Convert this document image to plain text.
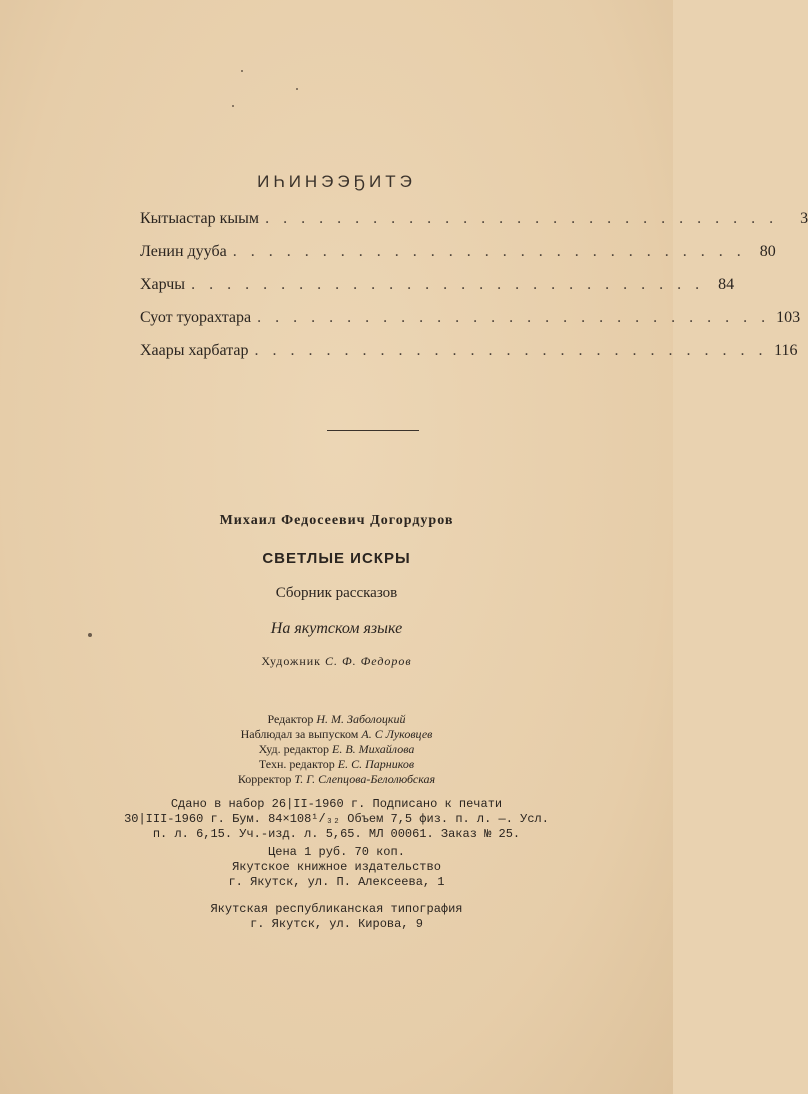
ИҺИНЭЭҔИТЭ
Кытыастар кыым . . . . . . . . . . . . . . . . . . . . . . . . . . . . .	3
Ленин дууба . . . . . . . . . . . . . . . . . . . . . . . . . . . . . 80
Харчы . . . . . . . . . . . . . . . . . . . . . . . . . . . . . 84
Суот туорахтара . . . . . . . . . . . . . . . . . . . . . . . . . . . . . 103
Хаары харбатар . . . . . . . . . . . . . . . . . . . . . . . . . . . . . 116
Михаил Федосеевич Догордуров
СВЕТЛЫЕ ИСКРЫ
Сборник рассказов
На якутском языке
Художник С. Ф. Федоров
Редактор Н. М. Заболоцкий
Наблюдал за выпуском А. С Луковцев
Худ. редактор Е. В. Михайлова
Техн. редактор Е. С. Парников
Корректор Т. Г. Слепцова-Белолюбская
Сдано в набор 26|II-1960 г. Подписано к печати
30|III-1960 г. Бум. 84×108¹/₃₂ Объем 7,5 физ. п. л. —. Усл.
п. л. 6,15. Уч.-изд. л. 5,65. МЛ 00061. Заказ № 25.
Цена 1 руб. 70 коп.
Якутское книжное издательство
г. Якутск, ул. П. Алексеева, 1
Якутская республиканская типография
г. Якутск, ул. Кирова, 9
